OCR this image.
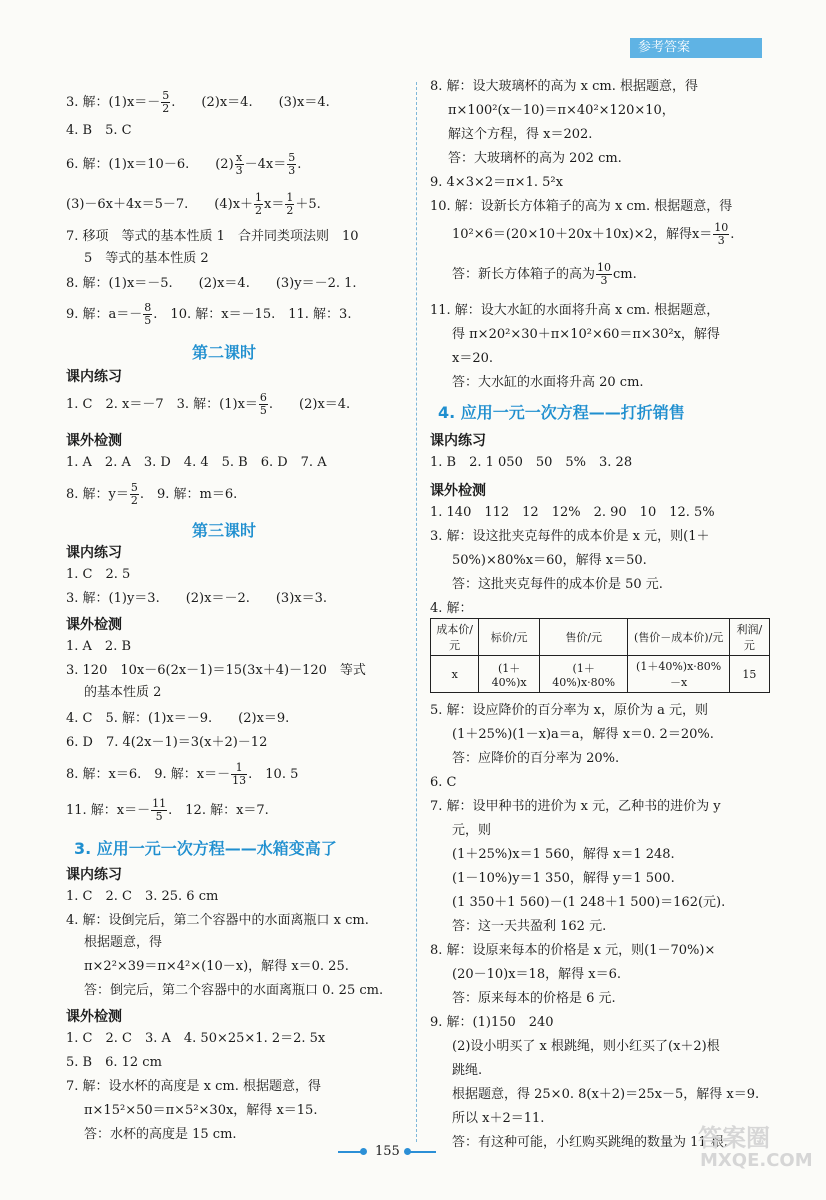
参考答案
3. 解：$(1)x=- \frac{5}{2}$ .　　(2)x＝4.　　(3)x＝4.
4. B　5. C
6. 解：(1)x＝10－6.　　$(2) \frac{x}{3} -4x= \frac{5}{3}$ .
(3)－6x＋4x＝5－7.　　$(4)x+ \frac{1}{2} x= \frac{1}{2} +5$.
7. 移项　等式的基本性质 1　合并同类项法则　10
5　等式的基本性质 2
8. 解：(1)x＝－5.　　(2)x＝4.　　(3)y＝－2. 1.
9. 解：$a=- \frac{8}{5}$ .　10. 解：x＝－15.　11. 解：3.
第二课时
课内练习
1. C　2. x＝－7　3. 解：$(1)x= \frac{6}{5}$ .　　(2)x＝4.
课外检测
1. A　2. A　3. D　4. 4　5. B　6. D　7. A
8. 解：$y= \frac{5}{2}$ .　9. 解：m＝6.
第三课时
课内练习
1. C　2. 5
3. 解：(1)y＝3.　　(2)x＝－2.　　(3)x＝3.
课外检测
1. A　2. B
3. 120　10x－6(2x－1)＝15(3x＋4)－120　等式
的基本性质 2
4. C　5. 解：(1)x＝－9.　　(2)x＝9.
6. D　7. 4(2x－1)＝3(x＋2)－12
8. 解：x＝6.　9. 解：$x=- \frac{1}{13}$ .　10. 5
11. 解：$x=- \frac{11}{5}$ .　12. 解：x＝7.
3. 应用一元一次方程——水箱变高了
课内练习
1. C　2. C　3. 25. 6 cm
4. 解：设倒完后，第二个容器中的水面离瓶口 x cm.
根据题意，得
π×2²×39＝π×4²×(10－x)，解得 x＝0. 25.
答：倒完后，第二个容器中的水面离瓶口 0. 25 cm.
课外检测
1. C　2. C　3. A　4. 50×25×1. 2＝2. 5x
5. B　6. 12 cm
7. 解：设水杯的高度是 x cm. 根据题意，得
π×15²×50＝π×5²×30x，解得 x＝15.
答：水杯的高度是 15 cm.
8. 解：设大玻璃杯的高为 x cm. 根据题意，得
π×100²(x－10)＝π×40²×120×10，
解这个方程，得 x＝202.
答：大玻璃杯的高为 202 cm.
9. 4×3×2＝π×1. 5²x
10. 解：设新长方体箱子的高为 x cm. 根据题意，得
10²×6＝(20×10＋20x＋10x)×2，解得$x= \frac{10}{3}$ .
答：新长方体箱子的高为 $\frac{10}{3}$ cm.
11. 解：设大水缸的水面将升高 x cm. 根据题意，
得 π×20²×30＋π×10²×60＝π×30²x，解得
x＝20.
答：大水缸的水面将升高 20 cm.
4. 应用一元一次方程——打折销售
课内练习
1. B　2. 1 050　50　5%　3. 28
课外检测
1. 140　112　12　12%　2. 90　10　12. 5%
3. 解：设这批夹克每件的成本价是 x 元，则(1＋
50%)×80%x＝60，解得 x＝50.
答：这批夹克每件的成本价是 50 元.
4. 解：
成本价/元	标价/元	售价/元	(售价－成本价)/元	利润/元
x	(1＋40%)x	(1＋40%)x·80%	(1＋40%)x·80%－x	15
5. 解：设应降价的百分率为 x，原价为 a 元，则
(1＋25%)(1－x)a＝a，解得 x＝0. 2＝20%.
答：应降价的百分率为 20%.
6. C
7. 解：设甲种书的进价为 x 元，乙种书的进价为 y
元，则
(1＋25%)x＝1 560，解得 x＝1 248.
(1－10%)y＝1 350，解得 y＝1 500.
(1 350＋1 560)－(1 248＋1 500)＝162(元).
答：这一天共盈利 162 元.
8. 解：设原来每本的价格是 x 元，则(1－70%)×
(20－10)x＝18，解得 x＝6.
答：原来每本的价格是 6 元.
9. 解：(1)150　240
(2)设小明买了 x 根跳绳，则小红买了(x＋2)根
跳绳.
根据题意，得 25×0. 8(x＋2)＝25x－5，解得 x＝9.
所以 x＋2＝11.
答：有这种可能，小红购买跳绳的数量为 11 根.
155	答案圈
MXQE.COM
